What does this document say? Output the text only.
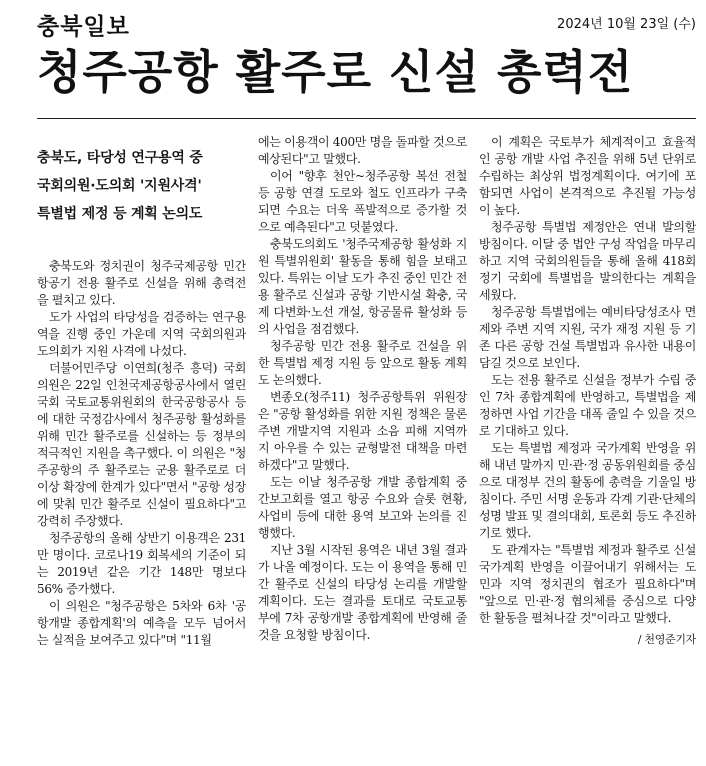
충북일보	2024년 10월 23일 (수)
청주공항 활주로 신설 총력전
충북도, 타당성 연구용역 중
국회의원·도의회 '지원사격'
특별법 제정 등 계획 논의도

충북도와 정치권이 청주국제공항 민간 항공기 전용 활주로 신설을 위해 총력전을 펼치고 있다.

도가 사업의 타당성을 검증하는 연구용역을 진행 중인 가운데 지역 국회의원과 도의회가 지원 사격에 나섰다.

더불어민주당 이연희(청주 흥덕) 국회의원은 22일 인천국제공항공사에서 열린 국회 국토교통위원회의 한국공항공사 등에 대한 국정감사에서 청주공항 활성화를 위해 민간 활주로를 신설하는 등 정부의 적극적인 지원을 촉구했다. 이 의원은 "청주공항의 주 활주로는 군용 활주로로 더 이상 확장에 한계가 있다"면서 "공항 성장에 맞춰 민간 활주로 신설이 필요하다"고 강력히 주장했다.

청주공항의 올해 상반기 이용객은 231만 명이다. 코로나19 회복세의 기준이 되는 2019년 같은 기간 148만 명보다 56% 증가했다.

이 의원은 "청주공항은 5차와 6차 '공항개발 종합계획'의 예측을 모두 넘어서는 실적을 보여주고 있다"며 "11월

에는 이용객이 400만 명을 돌파할 것으로 예상된다"고 말했다.

이어 "향후 천안~청주공항 복선 전철 등 공항 연결 도로와 철도 인프라가 구축되면 수요는 더욱 폭발적으로 증가할 것으로 예측된다"고 덧붙였다.

충북도의회도 '청주국제공항 활성화 지원 특별위원회' 활동을 통해 힘을 보태고 있다. 특위는 이날 도가 추진 중인 민간 전용 활주로 신설과 공항 기반시설 확충, 국제 다변화·노선 개설, 항공물류 활성화 등의 사업을 점검했다.

청주공항 민간 전용 활주로 건설을 위한 특별법 제정 지원 등 앞으로 활동 계획도 논의했다.

변종오(청주11) 청주공항특위 위원장은 "공항 활성화를 위한 지원 정책은 물론 주변 개발지역 지원과 소음 피해 지역까지 아우를 수 있는 균형발전 대책을 마련하겠다"고 말했다.

도는 이날 청주공항 개발 종합계획 중간보고회를 열고 항공 수요와 슬롯 현황, 사업비 등에 대한 용역 보고와 논의를 진행했다.

지난 3월 시작된 용역은 내년 3월 결과가 나올 예정이다. 도는 이 용역을 통해 민간 활주로 신설의 타당성 논리를 개발할 계획이다. 도는 결과를 토대로 국토교통부에 7차 공항개발 종합계획에 반영해 줄 것을 요청할 방침이다.

이 계획은 국토부가 체계적이고 효율적인 공항 개발 사업 추진을 위해 5년 단위로 수립하는 최상위 법정계획이다. 여기에 포함되면 사업이 본격적으로 추진될 가능성이 높다.

청주공항 특별법 제정안은 연내 발의할 방침이다. 이달 중 법안 구성 작업을 마무리하고 지역 국회의원들을 통해 올해 418회 정기 국회에 특별법을 발의한다는 계획을 세웠다.

청주공항 특별법에는 예비타당성조사 면제와 주변 지역 지원, 국가 재정 지원 등 기존 다른 공항 건설 특별법과 유사한 내용이 담길 것으로 보인다.

도는 전용 활주로 신설을 정부가 수립 중인 7차 종합계획에 반영하고, 특별법을 제정하면 사업 기간을 대폭 줄일 수 있을 것으로 기대하고 있다.

도는 특별법 제정과 국가계획 반영을 위해 내년 말까지 민·관·정 공동위원회를 중심으로 대정부 건의 활동에 총력을 기울일 방침이다. 주민 서명 운동과 각계 기관·단체의 성명 발표 및 결의대회, 토론회 등도 추진하기로 했다.

도 관계자는 "특별법 제정과 활주로 신설 국가계획 반영을 이끌어내기 위해서는 도민과 지역 정치권의 협조가 필요하다"며 "앞으로 민·관·정 협의체를 중심으로 다양한 활동을 펼쳐나갈 것"이라고 말했다.

/ 천영준기자
